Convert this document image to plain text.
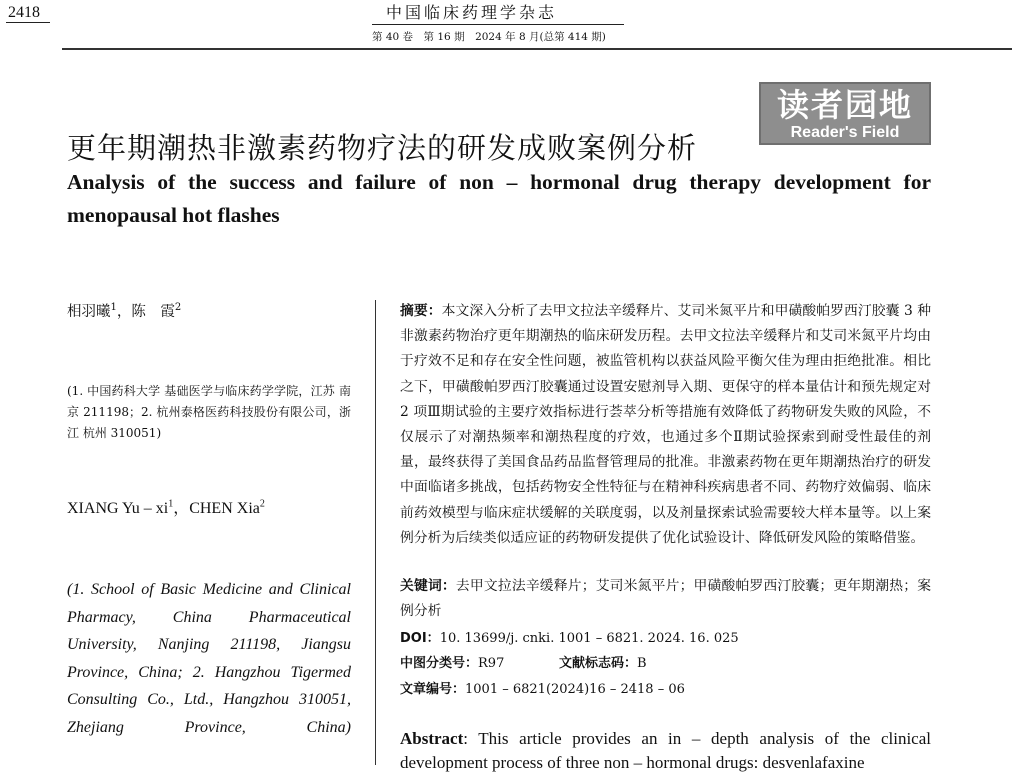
2418	中国临床药理学杂志
第 40 卷　第 16 期　2024 年 8 月(总第 414 期)
读者园地
Reader's Field
更年期潮热非激素药物疗法的研发成败案例分析
Analysis of the success and failure of non – hormonal drug therapy development for menopausal hot flashes
相羽曦$^1$，陈　霞$^2$
(1. 中国药科大学 基础医学与临床药学学院，江苏 南京 211198；2. 杭州泰格医药科技股份有限公司，浙江 杭州 310051)
XIANG Yu – $xi^1$，CHEN Xia$^2$
(1. School of Basic Medicine and Clinical Pharmacy, China Pharmaceutical University, Nanjing 211198, Jiangsu Province, China; 2. Hangzhou Tigermed Consulting Co., Ltd., Hangzhou 310051, Zhejiang Province, China)
摘要：本文深入分析了去甲文拉法辛缓释片、艾司米氮平片和甲磺酸帕罗西汀胶囊 3 种非激素药物治疗更年期潮热的临床研发历程。去甲文拉法辛缓释片和艾司米氮平片均由于疗效不足和存在安全性问题，被监管机构以获益风险平衡欠佳为理由拒绝批准。相比之下，甲磺酸帕罗西汀胶囊通过设置安慰剂导入期、更保守的样本量估计和预先规定对 2 项Ⅲ期试验的主要疗效指标进行荟萃分析等措施有效降低了药物研发失败的风险，不仅展示了对潮热频率和潮热程度的疗效，也通过多个Ⅱ期试验探索到耐受性最佳的剂量，最终获得了美国食品药品监督管理局的批准。非激素药物在更年期潮热治疗的研发中面临诸多挑战，包括药物安全性特征与在精神科疾病患者不同、药物疗效偏弱、临床前药效模型与临床症状缓解的关联度弱，以及剂量探索试验需要较大样本量等。以上案例分析为后续类似适应证的药物研发提供了优化试验设计、降低研发风险的策略借鉴。
关键词：去甲文拉法辛缓释片；艾司米氮平片；甲磺酸帕罗西汀胶囊；更年期潮热；案例分析
DOI：10. 13699/j. cnki. 1001 – 6821. 2024. 16. 025
中图分类号：R97	文献标志码：B
文章编号：1001 – 6821(2024)16 – 2418 – 06
Abstract: This article provides an in – depth analysis of the clinical development process of three non – hormonal drugs: desvenlafaxine
